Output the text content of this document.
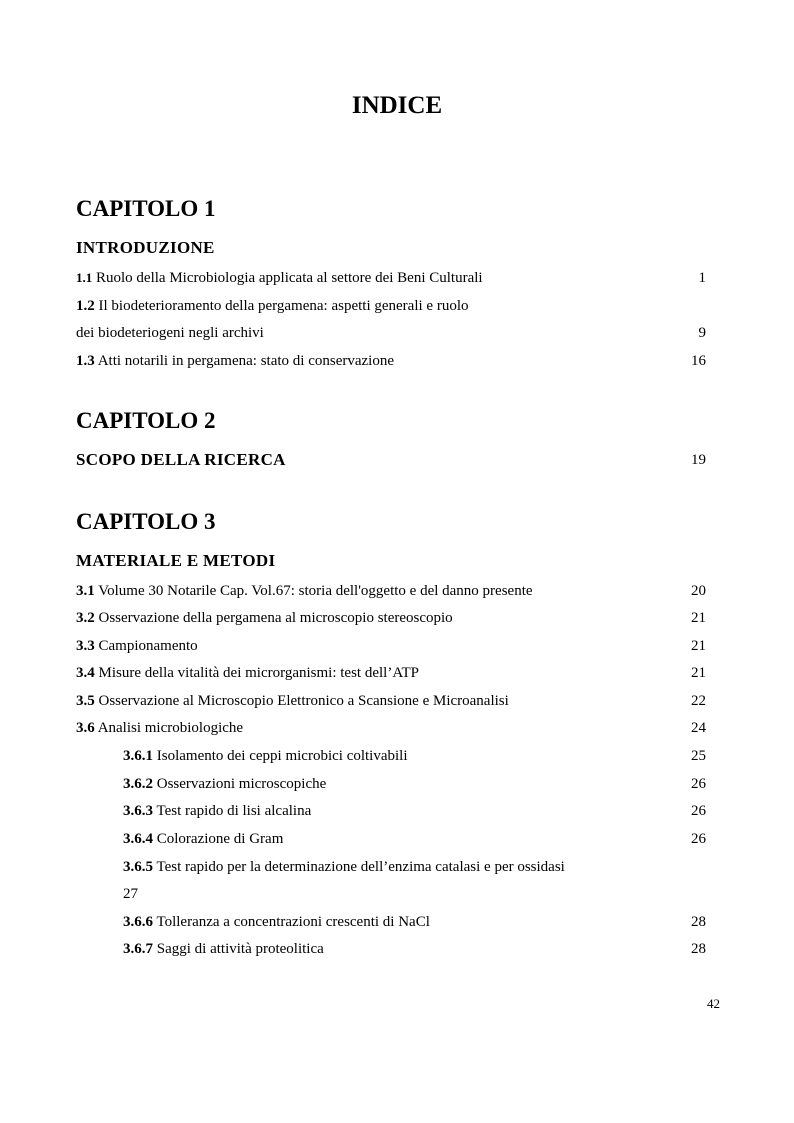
INDICE
CAPITOLO 1
INTRODUZIONE
1.1 Ruolo della Microbiologia applicata al settore dei Beni Culturali	1
1.2 Il biodeterioramento della pergamena: aspetti generali e ruolo
dei biodeteriogeni negli archivi	9
1.3 Atti notarili in pergamena: stato di conservazione	16
CAPITOLO 2
SCOPO DELLA RICERCA	19
CAPITOLO 3
MATERIALE E METODI
3.1 Volume 30 Notarile Cap. Vol.67: storia dell'oggetto e del danno presente	20
3.2 Osservazione della pergamena al microscopio stereoscopio	21
3.3 Campionamento	21
3.4 Misure della vitalità dei microrganismi: test dell’ATP	21
3.5 Osservazione al Microscopio Elettronico a Scansione e Microanalisi	22
3.6 Analisi microbiologiche	24
3.6.1 Isolamento dei ceppi microbici coltivabili	25
3.6.2 Osservazioni microscopiche	26
3.6.3 Test rapido di lisi alcalina	26
3.6.4 Colorazione di Gram	26
3.6.5 Test rapido per la determinazione dell’enzima catalasi e per ossidasi
27
3.6.6 Tolleranza a concentrazioni crescenti di NaCl	28
3.6.7 Saggi di attività proteolitica	28
42
